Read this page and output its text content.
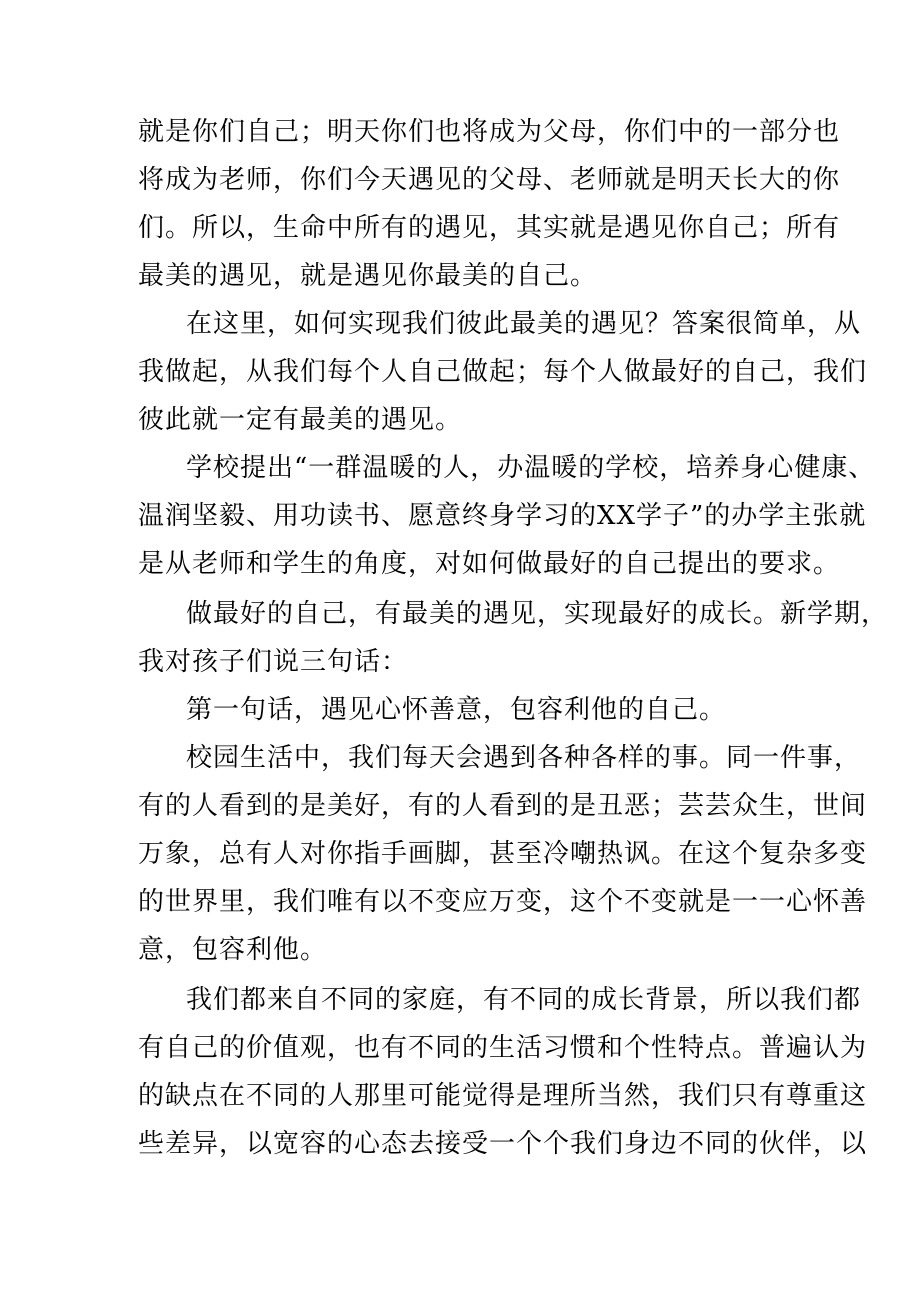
就是你们自己；明天你们也将成为父母，你们中的一部分也
将成为老师，你们今天遇见的父母、老师就是明天长大的你
们。所以，生命中所有的遇见，其实就是遇见你自己；所有
最美的遇见，就是遇见你最美的自己。
在这里，如何实现我们彼此最美的遇见？答案很简单，从
我做起，从我们每个人自己做起；每个人做最好的自己，我们
彼此就一定有最美的遇见。
学校提出“一群温暖的人，办温暖的学校，培养身心健康、
温润坚毅、用功读书、愿意终身学习的XX学子”的办学主张就
是从老师和学生的角度，对如何做最好的自己提出的要求。
做最好的自己，有最美的遇见，实现最好的成长。新学期，
我对孩子们说三句话：
第一句话，遇见心怀善意，包容利他的自己。
校园生活中，我们每天会遇到各种各样的事。同一件事，
有的人看到的是美好，有的人看到的是丑恶；芸芸众生，世间
万象，总有人对你指手画脚，甚至冷嘲热讽。在这个复杂多变
的世界里，我们唯有以不变应万变，这个不变就是一一心怀善
意，包容利他。
我们都来自不同的家庭，有不同的成长背景，所以我们都
有自己的价值观，也有不同的生活习惯和个性特点。普遍认为
的缺点在不同的人那里可能觉得是理所当然，我们只有尊重这
些差异，以宽容的心态去接受一个个我们身边不同的伙伴，以
